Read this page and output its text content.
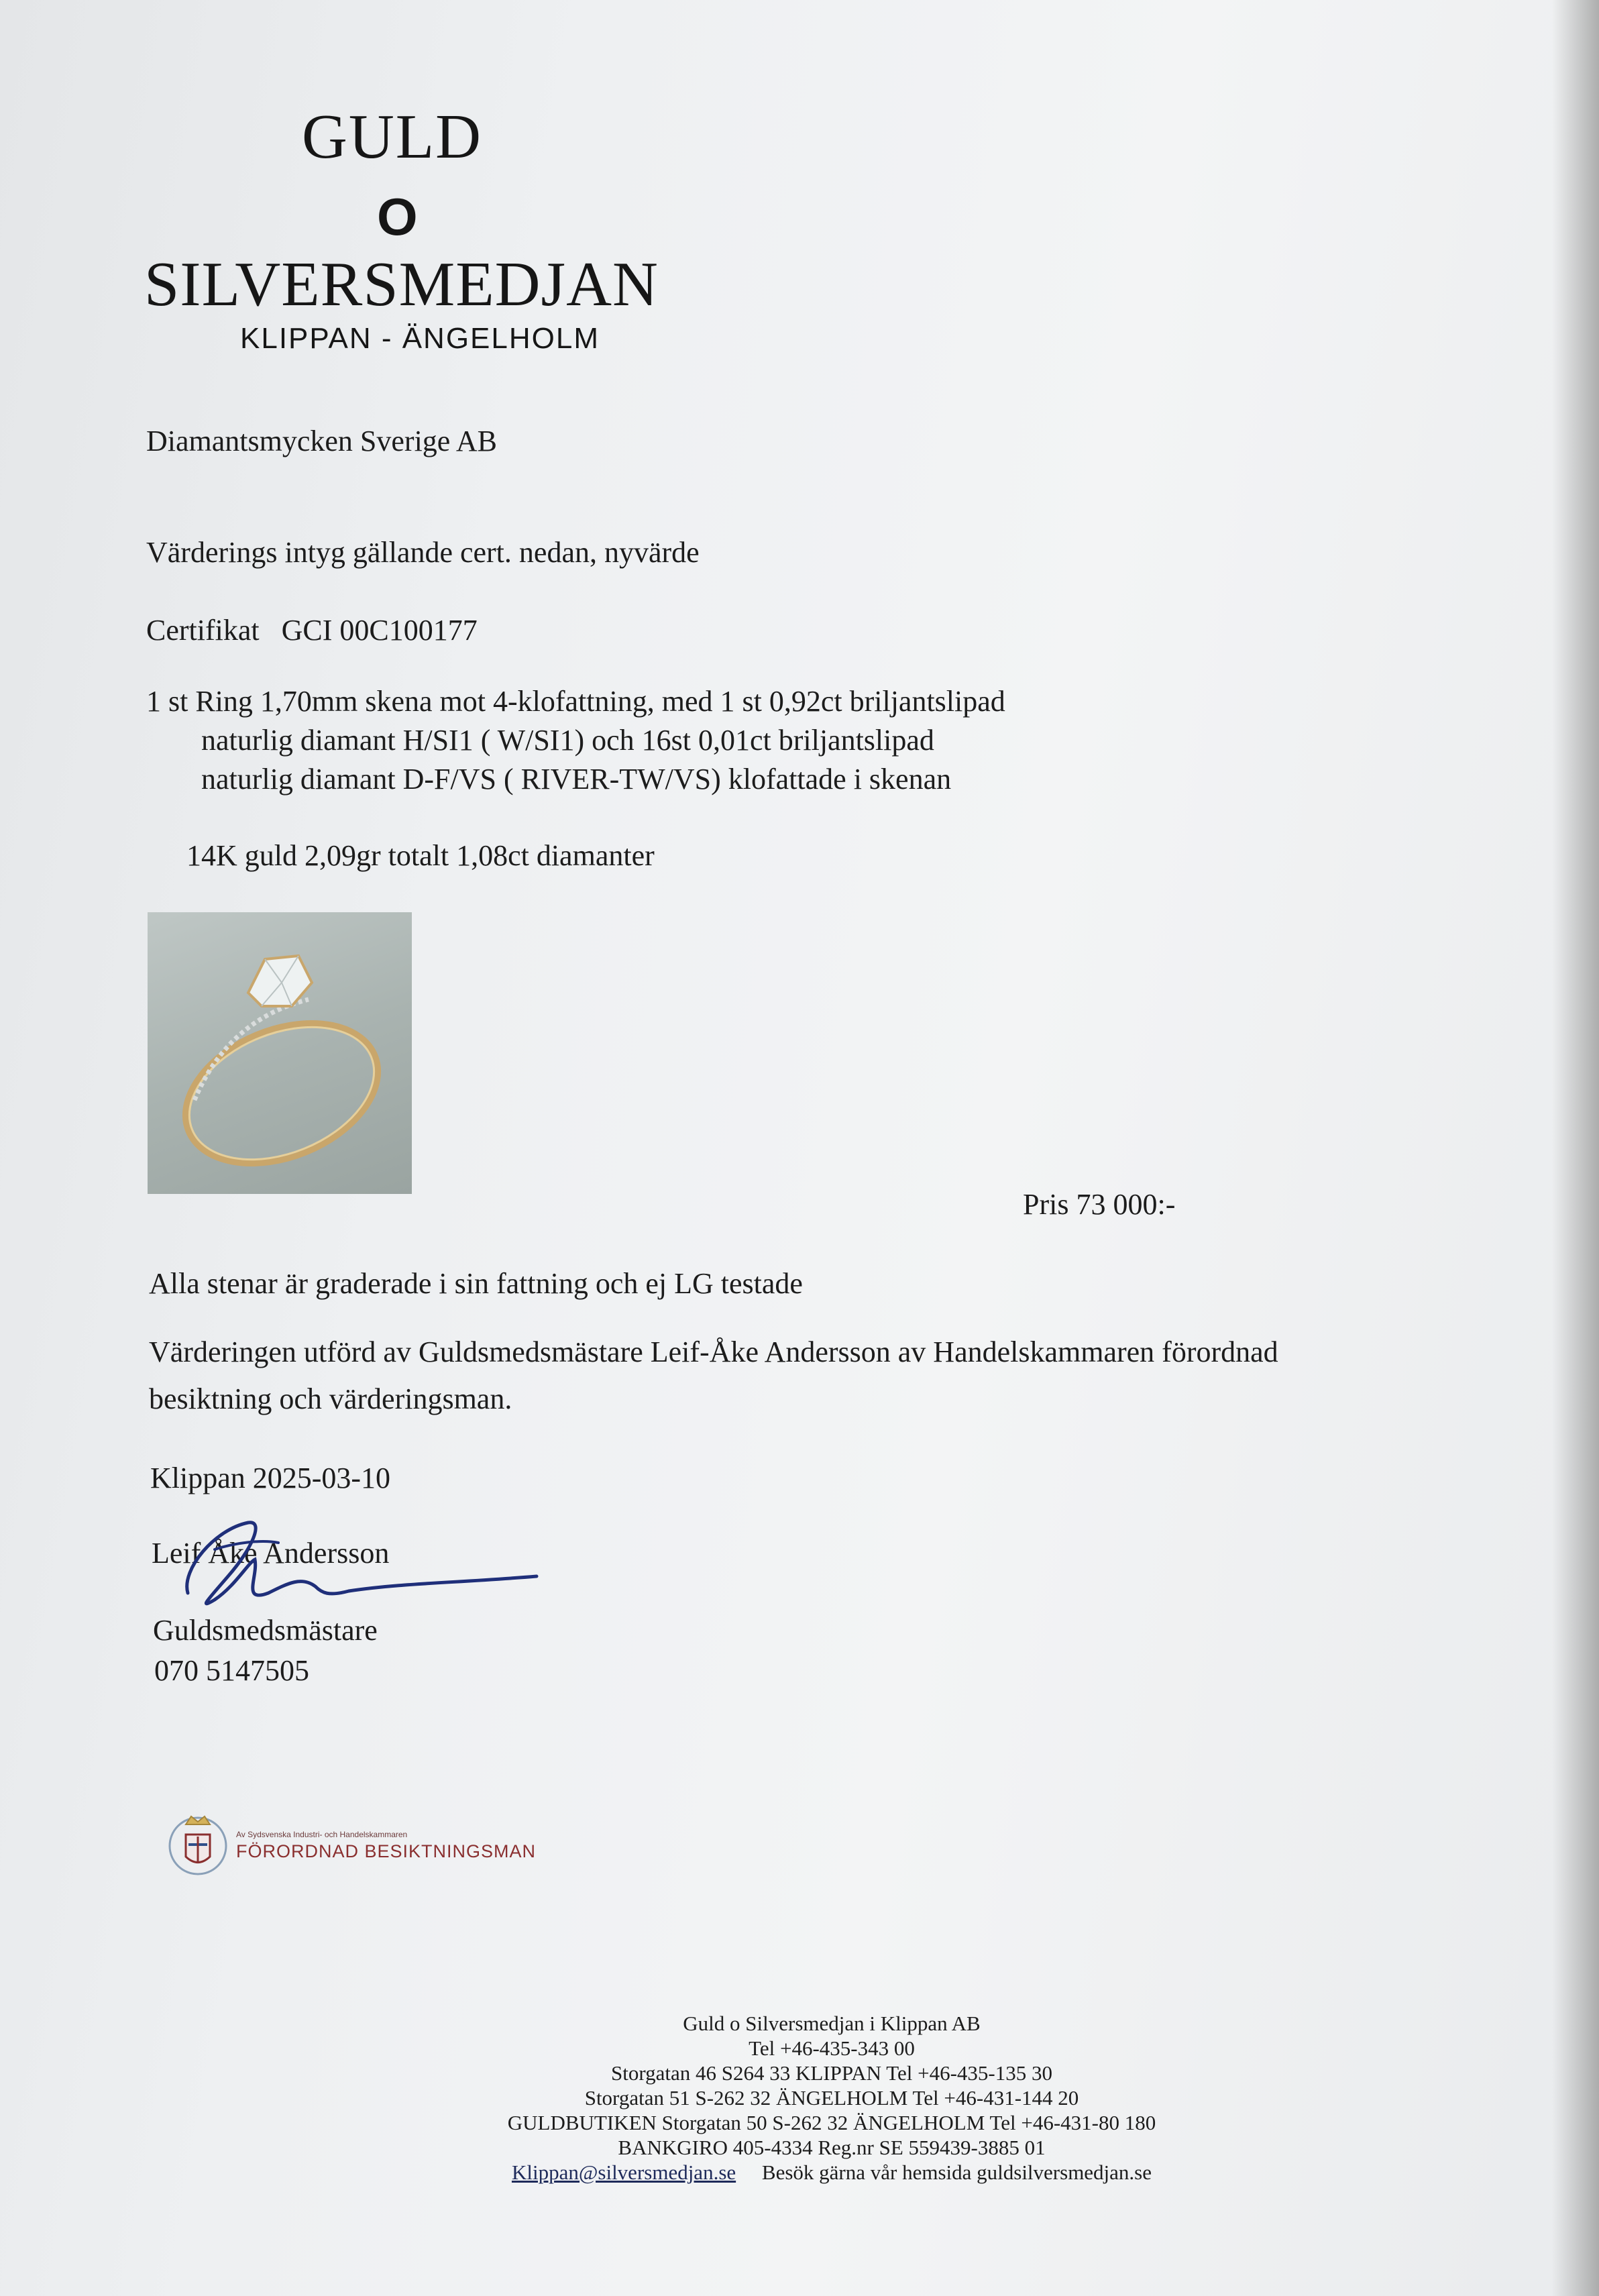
GULD
O
SILVERSMEDJAN
KLIPPAN - ÄNGELHOLM
Diamantsmycken Sverige AB
Värderings intyg gällande cert. nedan, nyvärde
Certifikat GCI 00C100177
1 st Ring 1,70mm skena mot 4-klofattning, med 1 st 0,92ct briljantslipad
naturlig diamant H/SI1 ( W/SI1) och 16st 0,01ct briljantslipad
naturlig diamant D-F/VS ( RIVER-TW/VS) klofattade i skenan
14K guld 2,09gr totalt 1,08ct diamanter
Pris 73 000:-
Alla stenar är graderade i sin fattning och ej LG testade
Värderingen utförd av Guldsmedsmästare Leif-Åke Andersson av Handelskammaren förordnad
besiktning och värderingsman.
Klippan 2025-03-10
Leif Åke Andersson
Guldsmedsmästare
070 5147505
Av Sydsvenska Industri- och Handelskammaren
FÖRORDNAD BESIKTNINGSMAN
Guld o Silversmedjan i Klippan AB
Tel +46-435-343 00
Storgatan 46 S264 33 KLIPPAN Tel +46-435-135 30
Storgatan 51 S-262 32 ÄNGELHOLM Tel +46-431-144 20
GULDBUTIKEN Storgatan 50 S-262 32 ÄNGELHOLM Tel +46-431-80 180
BANKGIRO 405-4334 Reg.nr SE 559439-3885 01
Klippan@silversmedjan.se Besök gärna vår hemsida guldsilversmedjan.se
